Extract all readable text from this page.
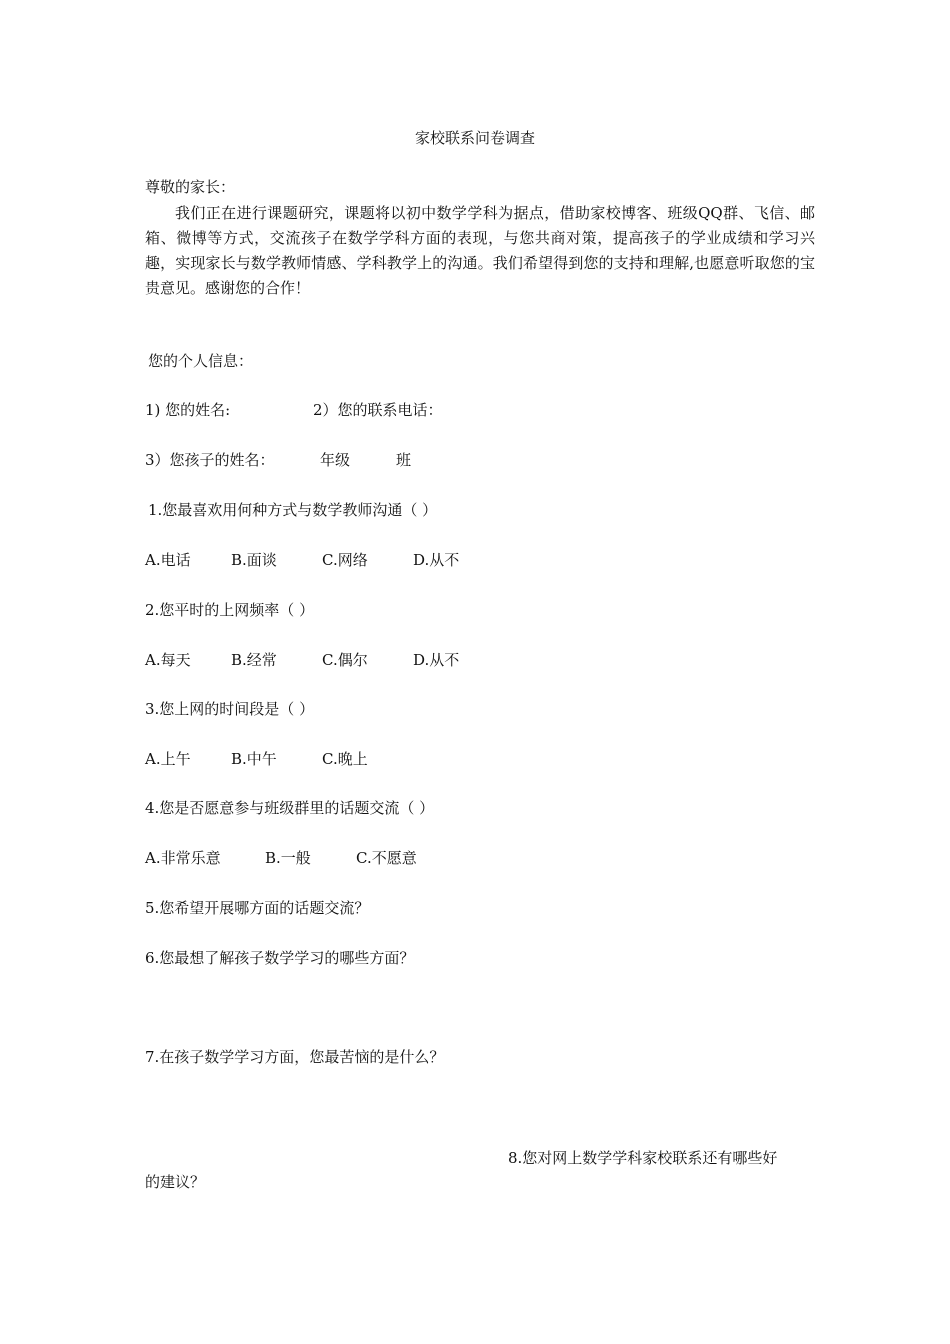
家校联系问卷调查
尊敬的家长：
我们正在进行课题研究，课题将以初中数学学科为据点，借助家校博客、班级QQ群、飞信、邮箱、微博等方式，交流孩子在数学学科方面的表现，与您共商对策，提高孩子的学业成绩和学习兴趣，实现家长与数学教师情感、学科教学上的沟通。我们希望得到您的支持和理解,也愿意听取您的宝贵意见。感谢您的合作！
您的个人信息：
1) 您的姓名:	2）您的联系电话：
3）您孩子的姓名：	年级	班
1.您最喜欢用何种方式与数学教师沟通（ ）
A.电话	B.面谈	C.网络	D.从不
2.您平时的上网频率（ ）
A.每天	B.经常	C.偶尔	D.从不
3.您上网的时间段是（ ）
A.上午	B.中午	C.晚上
4.您是否愿意参与班级群里的话题交流（ ）
A.非常乐意	B.一般	C.不愿意
5.您希望开展哪方面的话题交流？
6.您最想了解孩子数学学习的哪些方面？
7.在孩子数学学习方面，您最苦恼的是什么？
8.您对网上数学学科家校联系还有哪些好
的建议？
